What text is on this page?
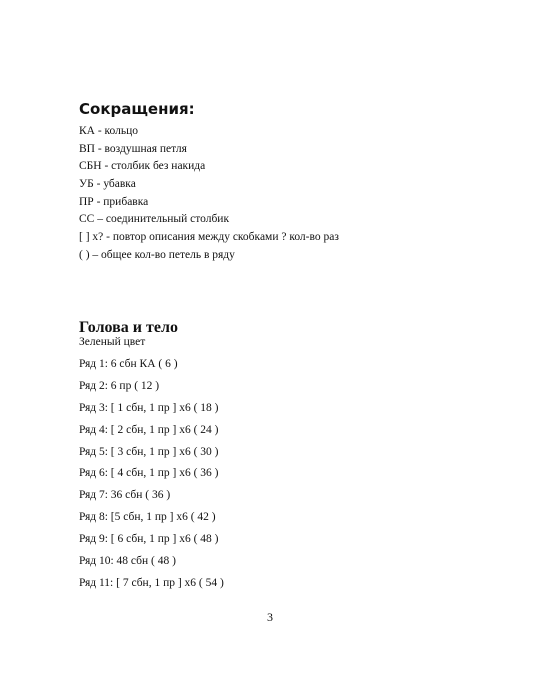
Сокращения:
КА - кольцо
ВП - воздушная петля
СБН - столбик без накида
УБ - убавка
ПР - прибавка
СС – соединительный столбик
[ ] x? - повтор описания между скобками ? кол-во раз
( ) – общее кол-во петель в ряду
Голова и тело
Зеленый цвет
Ряд 1: 6 сбн КА ( 6 )
Ряд 2: 6 пр ( 12 )
Ряд 3: [ 1 сбн, 1 пр ] x6 ( 18 )
Ряд 4: [ 2 сбн, 1 пр ] x6 ( 24 )
Ряд 5: [ 3 сбн, 1 пр ] x6 ( 30 )
Ряд 6: [ 4 сбн, 1 пр ] x6 ( 36 )
Ряд 7: 36 сбн ( 36 )
Ряд 8: [5 сбн, 1 пр ] x6 ( 42 )
Ряд 9: [ 6 сбн, 1 пр ] x6 ( 48 )
Ряд 10: 48 сбн ( 48 )
Ряд 11: [ 7 сбн, 1 пр ] x6 ( 54 )
3
